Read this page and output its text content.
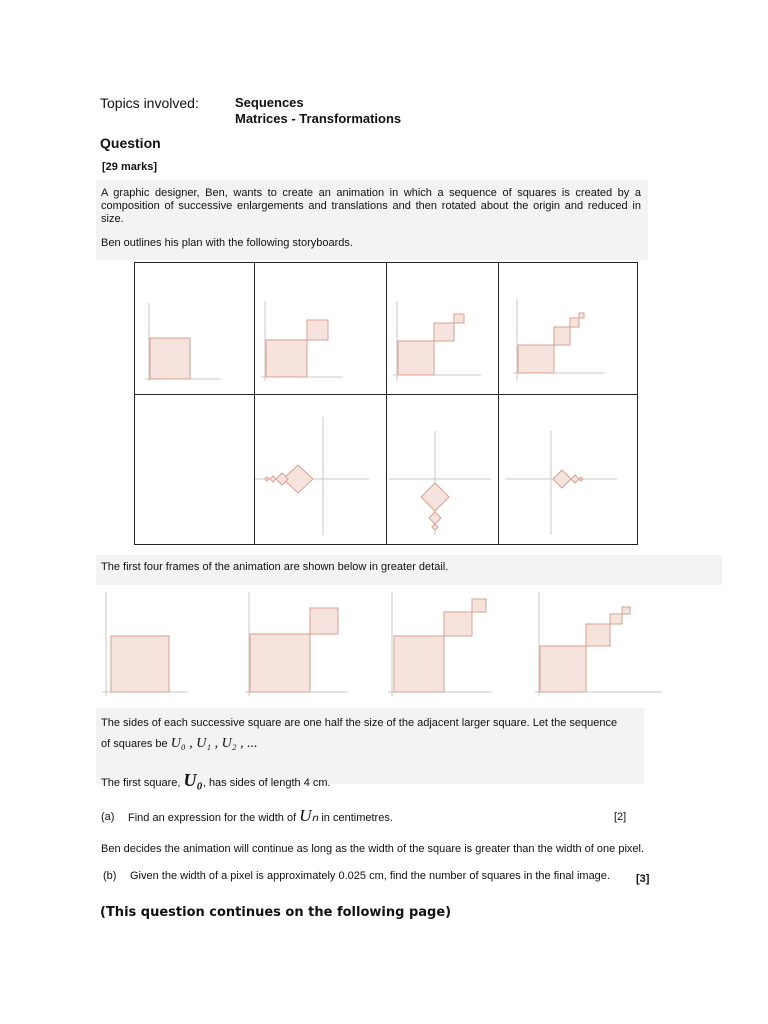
Topics involved:	Sequences
Matrices - Transformations
Question
[29 marks]
A graphic designer, Ben, wants to create an animation in which a sequence of squares is created by a composition of successive enlargements and translations and then rotated about the origin and reduced in size.
Ben outlines his plan with the following storyboards.
The first four frames of the animation are shown below in greater detail.
The sides of each successive square are one half the size of the adjacent larger square. Let the sequence
of squares be U₀ , U₁ , U₂ , ...
The first square, U₀, has sides of length 4 cm.
(a) Find an expression for the width of Uₙ in centimetres.	[2]
Ben decides the animation will continue as long as the width of the square is greater than the width of one pixel.
(b) Given the width of a pixel is approximately 0.025 cm, find the number of squares in the final image.	[3]
(This question continues on the following page)
